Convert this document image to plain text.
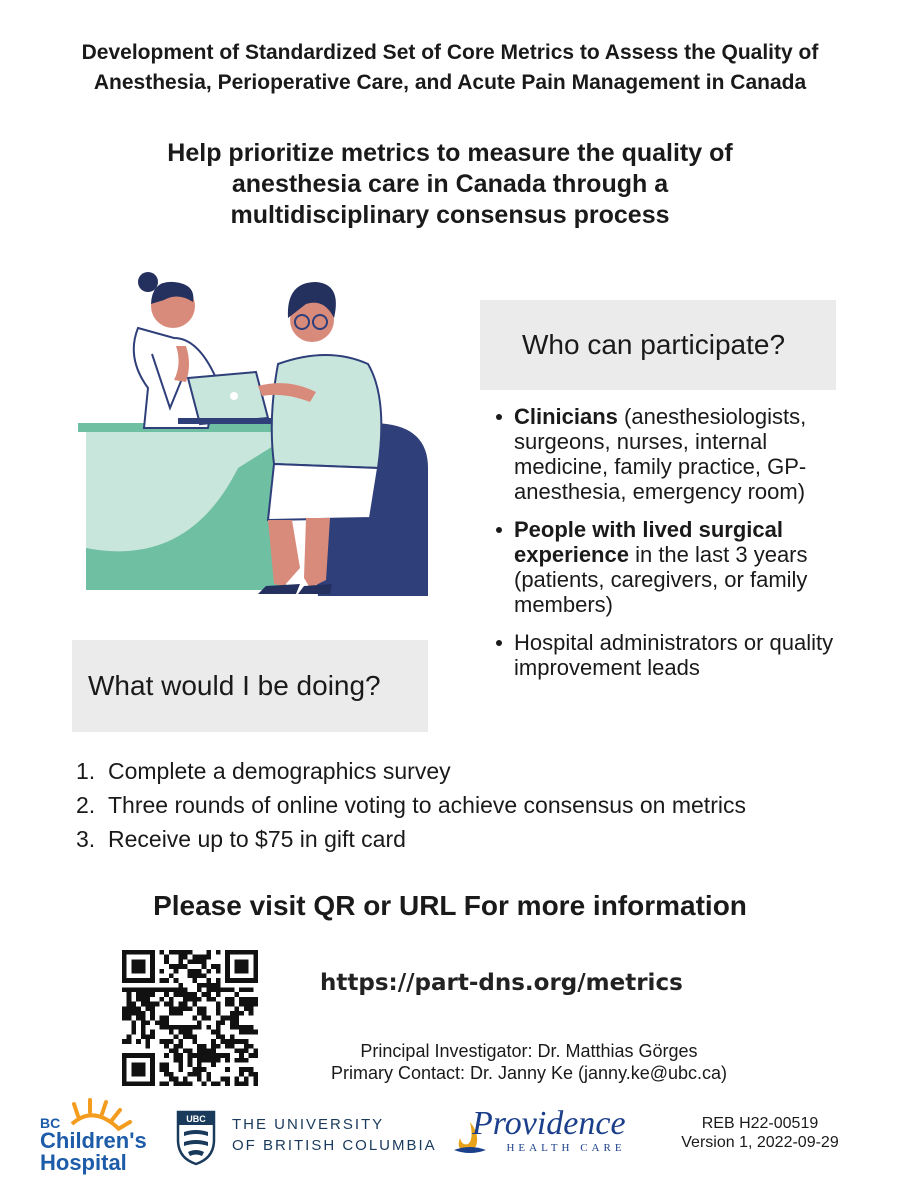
Development of Standardized Set of Core Metrics to Assess the Quality of
Anesthesia, Perioperative Care, and Acute Pain Management in Canada
Help prioritize metrics to measure the quality of
anesthesia care in Canada through a
multidisciplinary consensus process
Who can participate?
Clinicians (anesthesiologists, surgeons, nurses, internal medicine, family practice, GP-anesthesia, emergency room)
People with lived surgical experience in the last 3 years (patients, caregivers, or family members)
Hospital administrators or quality improvement leads
What would I be doing?
1. Complete a demographics survey
2. Three rounds of online voting to achieve consensus on metrics
3. Receive up to $75 in gift card
Please visit QR or URL For more information
https://part-dns.org/metrics
Principal Investigator: Dr. Matthias Görges
Primary Contact: Dr. Janny Ke (janny.ke@ubc.ca)
BC
Children's
Hospital
UBC THE UNIVERSITY
OF BRITISH COLUMBIA
Providence
HEALTH CARE
REB H22-00519
Version 1, 2022-09-29
